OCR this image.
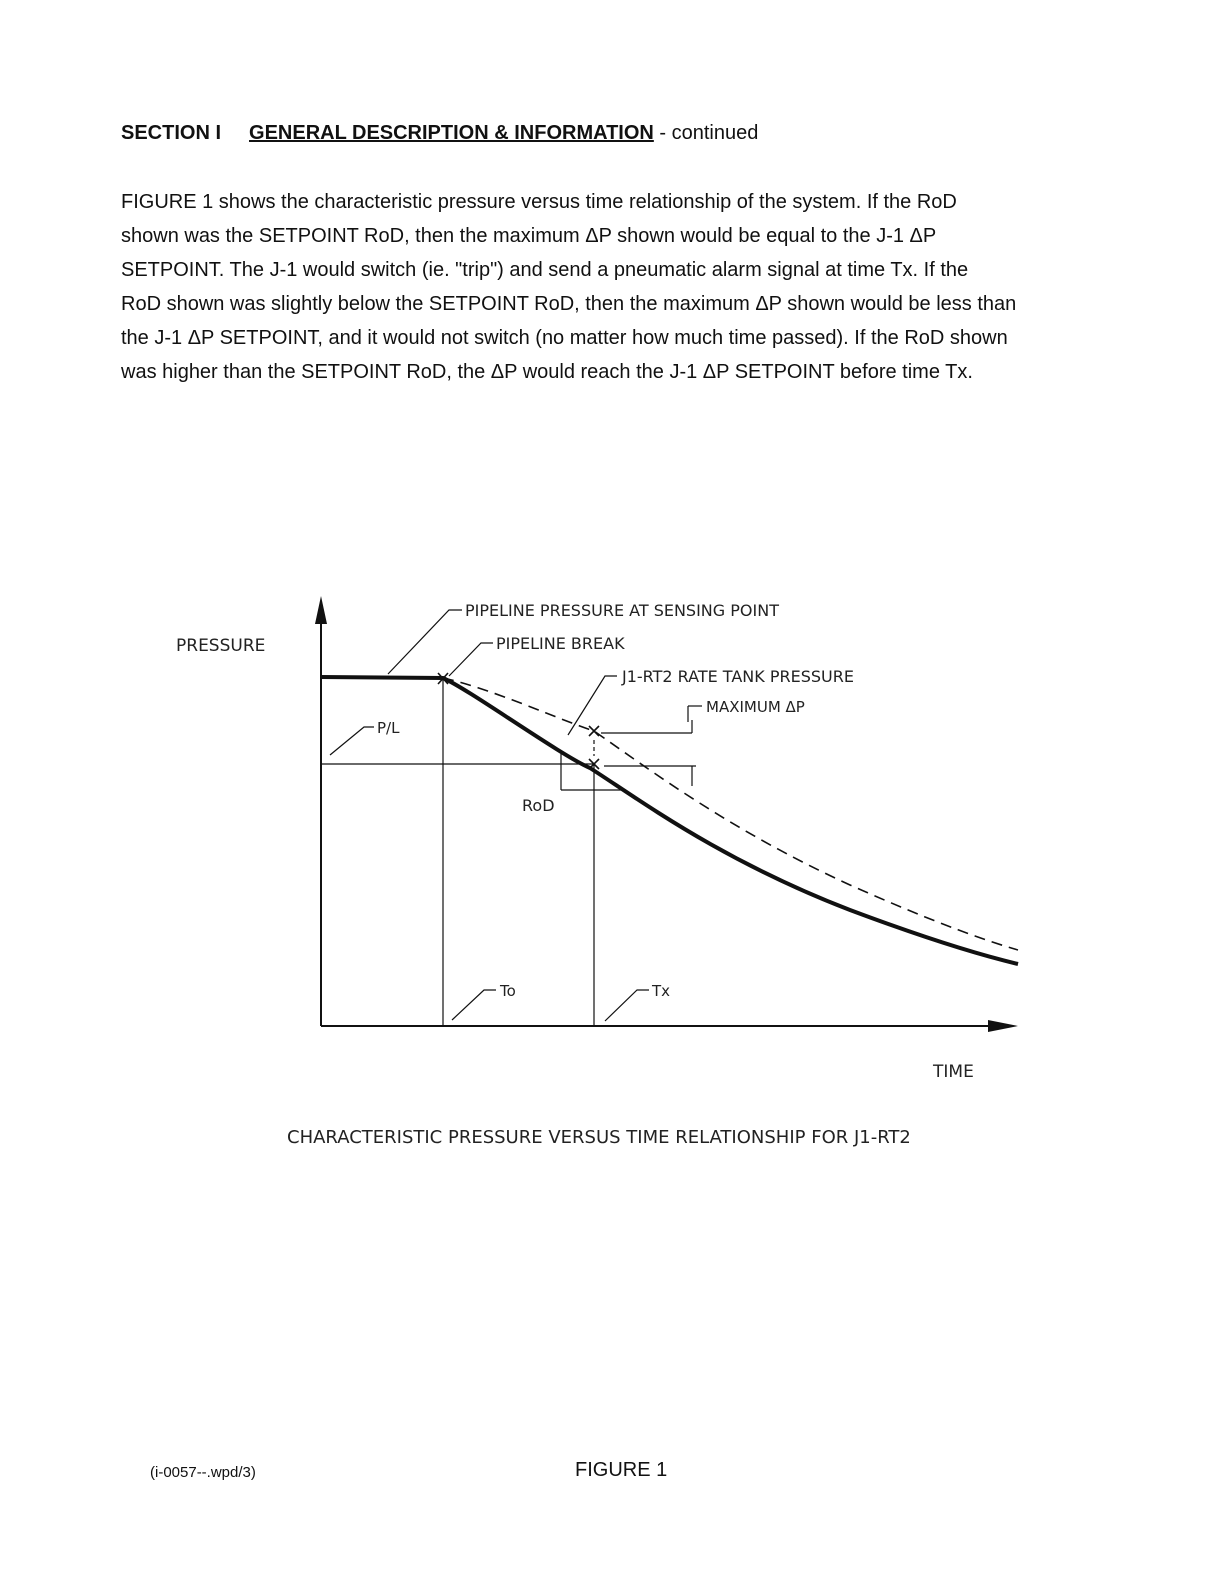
SECTION I GENERAL DESCRIPTION & INFORMATION - continued

FIGURE 1 shows the characteristic pressure versus time relationship of the system. If the RoD

shown was the SETPOINT RoD, then the maximum ΔP shown would be equal to the J-1 ΔP

SETPOINT. The J-1 would switch (ie. "trip") and send a pneumatic alarm signal at time Tx. If the

RoD shown was slightly below the SETPOINT RoD, then the maximum ΔP shown would be less than

the J-1 ΔP SETPOINT, and it would not switch (no matter how much time passed). If the RoD shown

was higher than the SETPOINT RoD, the ΔP would reach the J-1 ΔP SETPOINT before time Tx.

PRESSURE
PIPELINE PRESSURE AT SENSING POINT
PIPELINE BREAK
J1-RT2 RATE TANK PRESSURE
MAXIMUM ΔP
P/L
RoD
To	Tx
TIME
CHARACTERISTIC PRESSURE VERSUS TIME RELATIONSHIP FOR J1-RT2
(i-0057--.wpd/3)	FIGURE 1
